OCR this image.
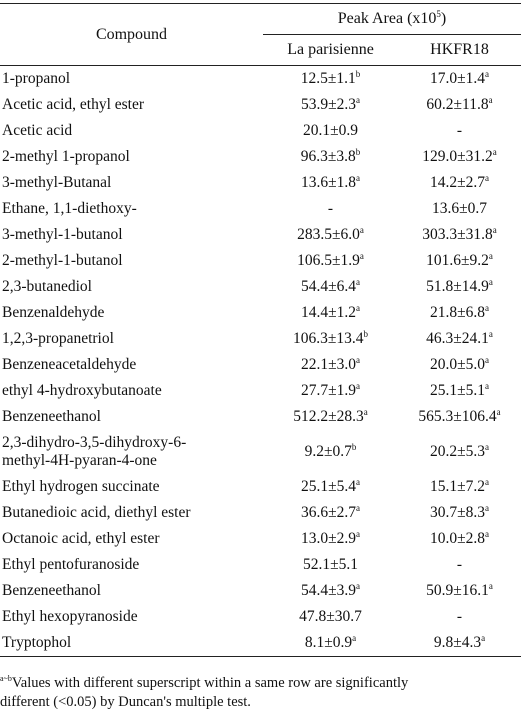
Compound	Peak Area $(x10^5)$	
	La parisienne	HKFR18
1-propanol	12.5±1.1$^b$	17.0±1.4$^a$
Acetic acid, ethyl ester	53.9±2.3$^a$	60.2±11.8$^a$
Acetic acid	20.1±0.9	-
2-methyl 1-propanol	96.3±3.8$^b$	129.0±31.2$^a$
3-methyl-Butanal	13.6±1.8$^a$	14.2±2.7$^a$
Ethane, 1,1-diethoxy-	-	13.6±0.7
3-methyl-1-butanol	283.5±6.0$^a$	303.3±31.8$^a$
2-methyl-1-butanol	106.5±1.9$^a$	101.6±9.2$^a$
2,3-butanediol	54.4±6.4$^a$	51.8±14.9$^a$
Benzenaldehyde	14.4±1.2$^a$	21.8±6.8$^a$
1,2,3-propanetriol	106.3±13.4$^b$	46.3±24.1$^a$
Benzeneacetaldehyde	22.1±3.0$^a$	20.0±5.0$^a$
ethyl 4-hydroxybutanoate	27.7±1.9$^a$	25.1±5.1$^a$
Benzeneethanol	512.2±28.3$^a$	565.3±106.4$^a$
2,3-dihydro-3,5-dihydroxy-6-
methyl-4H-pyaran-4-one	9.2±0.7$^b$	20.2±5.3$^a$
Ethyl hydrogen succinate	25.1±5.4$^a$	15.1±7.2$^a$
Butanedioic acid, diethyl ester	36.6±2.7$^a$	30.7±8.3$^a$
Octanoic acid, ethyl ester	13.0±2.9$^a$	10.0±2.8$^a$
Ethyl pentofuranoside	52.1±5.1	-
Benzeneethanol	54.4±3.9$^a$	50.9±16.1$^a$
Ethyl hexopyranoside	47.8±30.7	-
Tryptophol	8.1±0.9$^a$	9.8±4.3$^a$
$^{a\sim b}$Values with different superscript within a same row are significantly
different (<0.05) by Duncan's multiple test.
